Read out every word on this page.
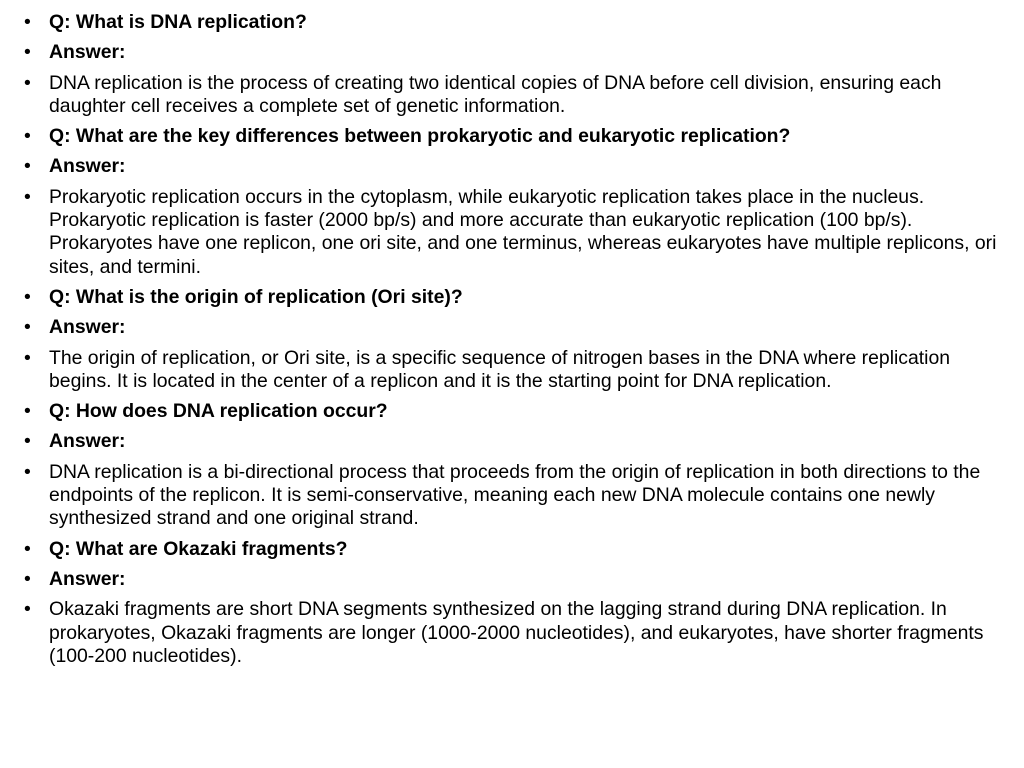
• Q: What is DNA replication?
• Answer:
• DNA replication is the process of creating two identical copies of DNA before cell division, ensuring each daughter cell receives a complete set of genetic information.
• Q: What are the key differences between prokaryotic and eukaryotic replication?
• Answer:
• Prokaryotic replication occurs in the cytoplasm, while eukaryotic replication takes place in the nucleus. Prokaryotic replication is faster (2000 bp/s) and more accurate than eukaryotic replication (100 bp/s). Prokaryotes have one replicon, one ori site, and one terminus, whereas eukaryotes have multiple replicons, ori sites, and termini.
• Q: What is the origin of replication (Ori site)?
• Answer:
• The origin of replication, or Ori site, is a specific sequence of nitrogen bases in the DNA where replication begins. It is located in the center of a replicon and it is the starting point for DNA replication.
• Q: How does DNA replication occur?
• Answer:
• DNA replication is a bi-directional process that proceeds from the origin of replication in both directions to the endpoints of the replicon. It is semi-conservative, meaning each new DNA molecule contains one newly synthesized strand and one original strand.
• Q: What are Okazaki fragments?
• Answer:
• Okazaki fragments are short DNA segments synthesized on the lagging strand during DNA replication. In prokaryotes, Okazaki fragments are longer (1000-2000 nucleotides), and eukaryotes, have shorter fragments (100-200 nucleotides).
